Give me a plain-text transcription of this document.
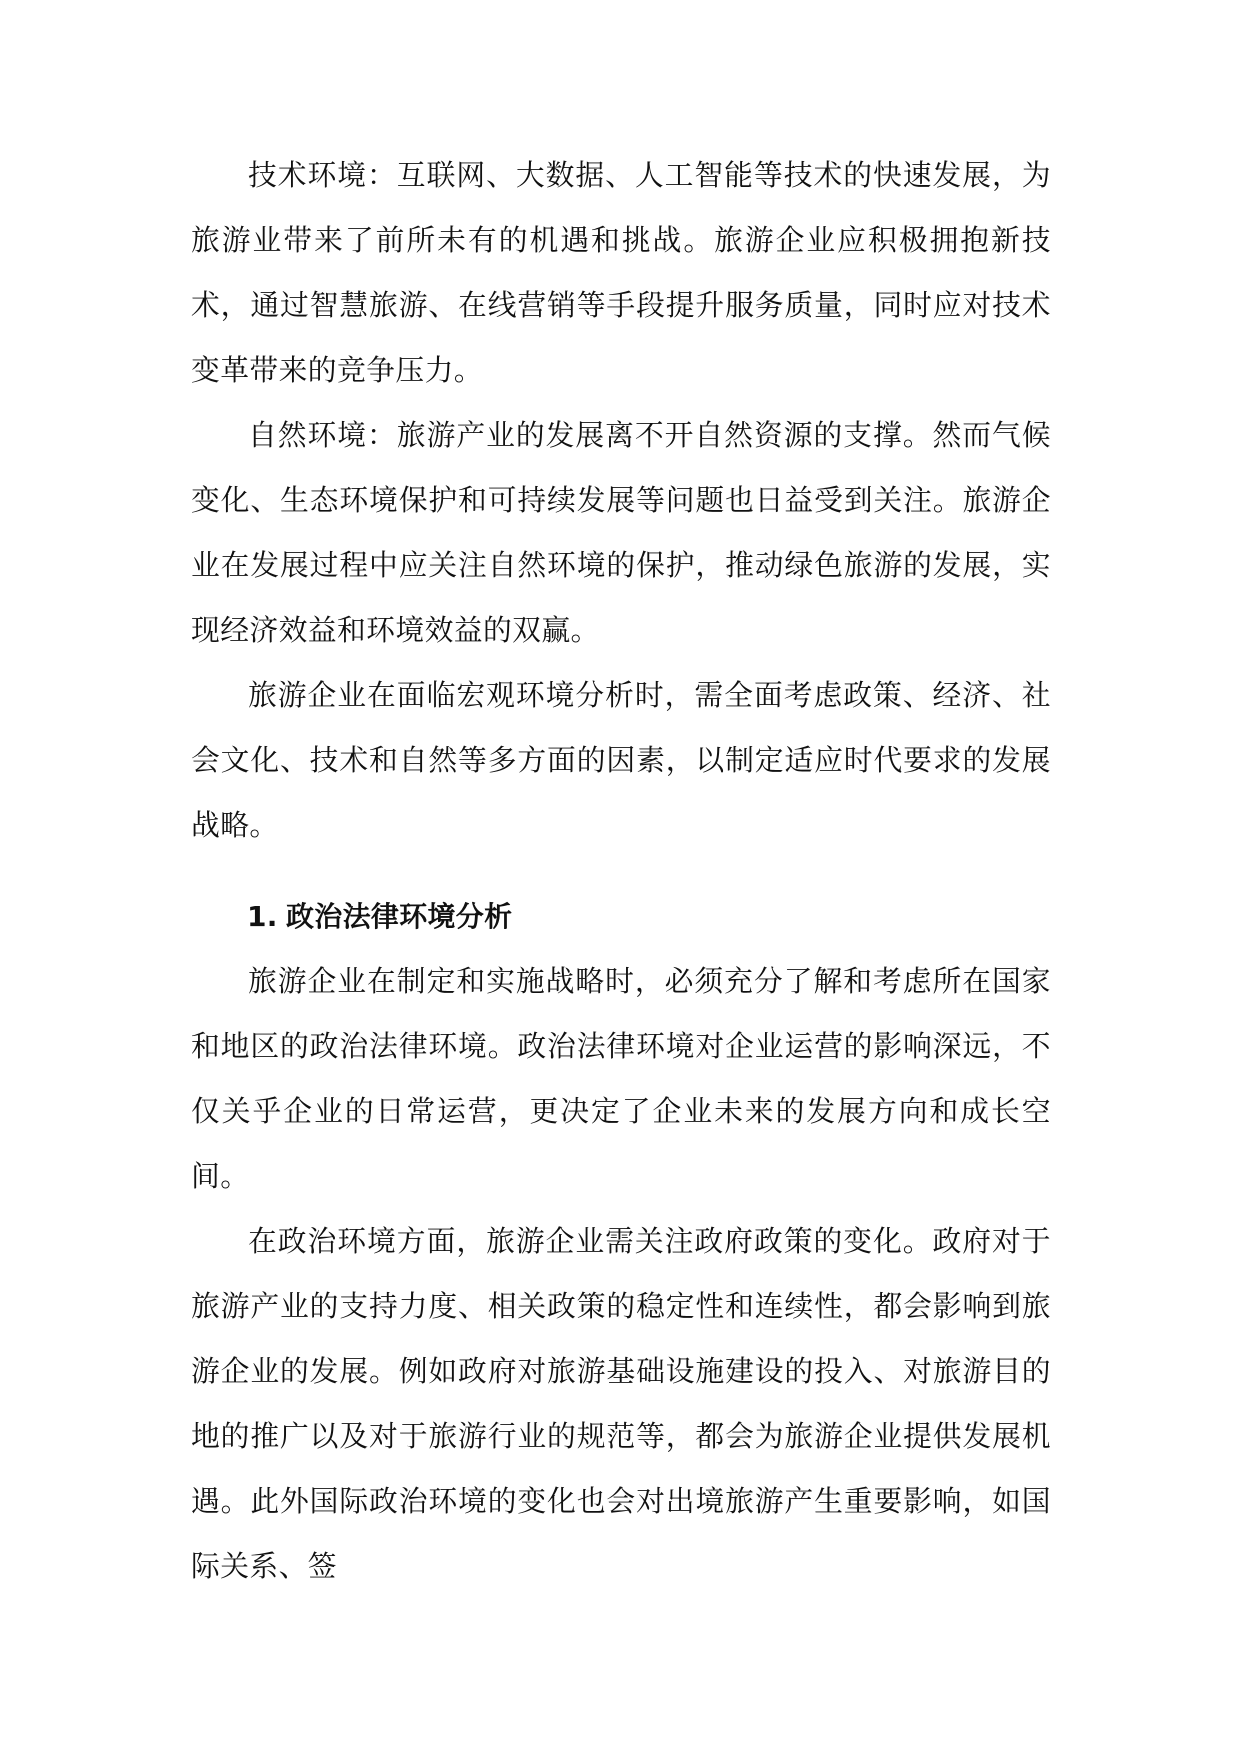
技术环境：互联网、大数据、人工智能等技术的快速发展，为旅游业带来了前所未有的机遇和挑战。旅游企业应积极拥抱新技术，通过智慧旅游、在线营销等手段提升服务质量，同时应对技术变革带来的竞争压力。

自然环境：旅游产业的发展离不开自然资源的支撑。然而气候变化、生态环境保护和可持续发展等问题也日益受到关注。旅游企业在发展过程中应关注自然环境的保护，推动绿色旅游的发展，实现经济效益和环境效益的双赢。

旅游企业在面临宏观环境分析时，需全面考虑政策、经济、社会文化、技术和自然等多方面的因素，以制定适应时代要求的发展战略。

1. 政治法律环境分析

旅游企业在制定和实施战略时，必须充分了解和考虑所在国家和地区的政治法律环境。政治法律环境对企业运营的影响深远，不仅关乎企业的日常运营，更决定了企业未来的发展方向和成长空间。

在政治环境方面，旅游企业需关注政府政策的变化。政府对于旅游产业的支持力度、相关政策的稳定性和连续性，都会影响到旅游企业的发展。例如政府对旅游基础设施建设的投入、对旅游目的地的推广以及对于旅游行业的规范等，都会为旅游企业提供发展机遇。此外国际政治环境的变化也会对出境旅游产生重要影响，如国际关系、签
